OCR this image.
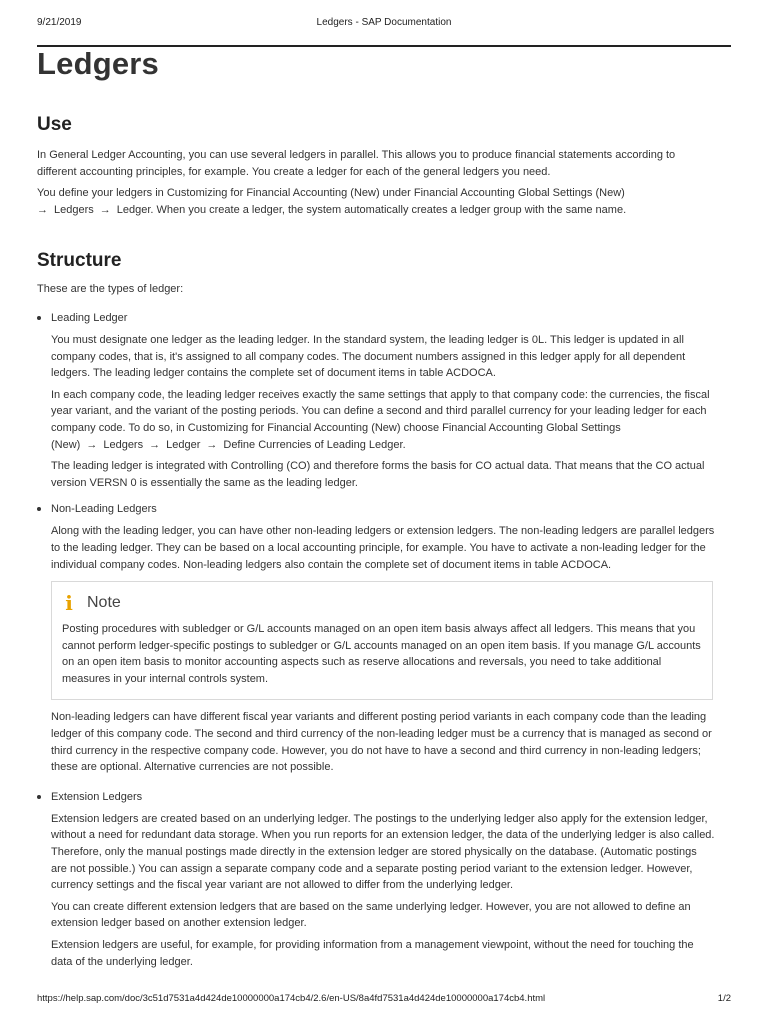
9/21/2019	Ledgers - SAP Documentation
Ledgers
Use

In General Ledger Accounting, you can use several ledgers in parallel. This allows you to produce financial statements according to different accounting principles, for example. You create a ledger for each of the general ledgers you need.

You define your ledgers in Customizing for Financial Accounting (New) under Financial Accounting Global Settings (New)
→ Ledgers → Ledger. When you create a ledger, the system automatically creates a ledger group with the same name.

Structure

These are the types of ledger:

Leading Ledger

You must designate one ledger as the leading ledger. In the standard system, the leading ledger is 0L. This ledger is updated in all company codes, that is, it's assigned to all company codes. The document numbers assigned in this ledger apply for all dependent ledgers. The leading ledger contains the complete set of document items in table ACDOCA.

In each company code, the leading ledger receives exactly the same settings that apply to that company code: the currencies, the fiscal year variant, and the variant of the posting periods. You can define a second and third parallel currency for your leading ledger for each company code. To do so, in Customizing for Financial Accounting (New) choose Financial Accounting Global Settings (New) → Ledgers → Ledger → Define Currencies of Leading Ledger.

The leading ledger is integrated with Controlling (CO) and therefore forms the basis for CO actual data. That means that the CO actual version VERSN 0 is essentially the same as the leading ledger.

Non-Leading Ledgers

Along with the leading ledger, you can have other non-leading ledgers or extension ledgers. The non-leading ledgers are parallel ledgers to the leading ledger. They can be based on a local accounting principle, for example. You have to activate a non-leading ledger for the individual company codes. Non-leading ledgers also contain the complete set of document items in table ACDOCA.

i Note

Posting procedures with subledger or G/L accounts managed on an open item basis always affect all ledgers. This means that you cannot perform ledger-specific postings to subledger or G/L accounts managed on an open item basis. If you manage G/L accounts on an open item basis to monitor accounting aspects such as reserve allocations and reversals, you need to take additional measures in your internal controls system.

Non-leading ledgers can have different fiscal year variants and different posting period variants in each company code than the leading ledger of this company code. The second and third currency of the non-leading ledger must be a currency that is managed as second or third currency in the respective company code. However, you do not have to have a second and third currency in non-leading ledgers; these are optional. Alternative currencies are not possible.

Extension Ledgers

Extension ledgers are created based on an underlying ledger. The postings to the underlying ledger also apply for the extension ledger, without a need for redundant data storage. When you run reports for an extension ledger, the data of the underlying ledger is also called. Therefore, only the manual postings made directly in the extension ledger are stored physically on the database. (Automatic postings are not possible.) You can assign a separate company code and a separate posting period variant to the extension ledger. However, currency settings and the fiscal year variant are not allowed to differ from the underlying ledger.

You can create different extension ledgers that are based on the same underlying ledger. However, you are not allowed to define an extension ledger based on another extension ledger.

Extension ledgers are useful, for example, for providing information from a management viewpoint, without the need for touching the data of the underlying ledger.

https://help.sap.com/doc/3c51d7531a4d424de10000000a174cb4/2.6/en-US/8a4fd7531a4d424de10000000a174cb4.html	1/2
